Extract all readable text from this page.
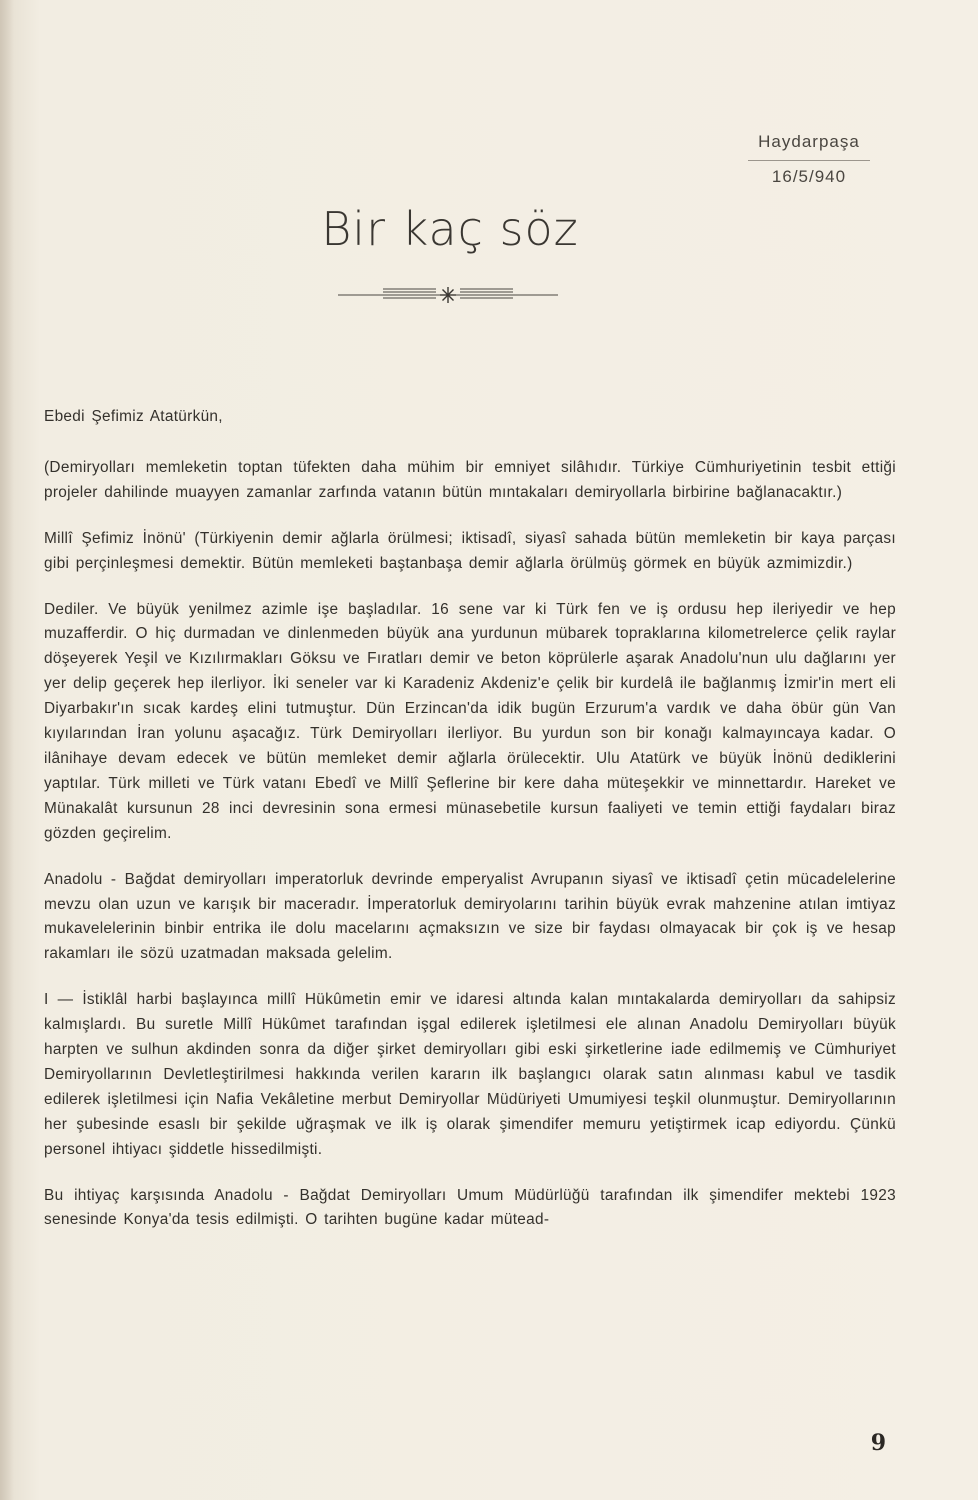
Haydarpaşa
16/5/940
Bir kaç söz

Ebedi Şefimiz Atatürkün,

(Demiryolları memleketin toptan tüfekten daha mühim bir emniyet silâhıdır. Türkiye Cümhuriyetinin tesbit ettiği projeler dahilinde muayyen zamanlar zarfında vatanın bütün mıntakaları demiryollarla birbirine bağlanacaktır.)

Millî Şefimiz İnönü' (Türkiyenin demir ağlarla örülmesi; iktisadî, siyasî sahada bütün memleketin bir kaya parçası gibi perçinleşmesi demektir. Bütün memleketi baştanbaşa demir ağlarla örülmüş görmek en büyük azmimizdir.)

Dediler. Ve büyük yenilmez azimle işe başladılar. 16 sene var ki Türk fen ve iş ordusu hep ileriyedir ve hep muzafferdir. O hiç durmadan ve dinlenmeden büyük ana yurdunun mübarek topraklarına kilometrelerce çelik raylar döşeyerek Yeşil ve Kızılırmakları Göksu ve Fıratları demir ve beton köprülerle aşarak Anadolu'nun ulu dağlarını yer yer delip geçerek hep ilerliyor. İki seneler var ki Karadeniz Akdeniz'e çelik bir kurdelâ ile bağlanmış İzmir'in mert eli Diyarbakır'ın sıcak kardeş elini tutmuştur. Dün Erzincan'da idik bugün Erzurum'a vardık ve daha öbür gün Van kıyılarından İran yolunu aşacağız. Türk Demiryolları ilerliyor. Bu yurdun son bir konağı kalmayıncaya kadar. O ilânihaye devam edecek ve bütün memleket demir ağlarla örülecektir. Ulu Atatürk ve büyük İnönü dediklerini yaptılar. Türk milleti ve Türk vatanı Ebedî ve Millî Şeflerine bir kere daha müteşekkir ve minnettardır. Hareket ve Münakalât kursunun 28 inci devresinin sona ermesi münasebetile kursun faaliyeti ve temin ettiği faydaları biraz gözden geçirelim.

Anadolu - Bağdat demiryolları imperatorluk devrinde emperyalist Avrupanın siyasî ve iktisadî çetin mücadelelerine mevzu olan uzun ve karışık bir maceradır. İmperatorluk demiryolarını tarihin büyük evrak mahzenine atılan imtiyaz mukavelelerinin binbir entrika ile dolu macelarını açmaksızın ve size bir faydası olmayacak bir çok iş ve hesap rakamları ile sözü uzatmadan maksada gelelim.

I — İstiklâl harbi başlayınca millî Hükûmetin emir ve idaresi altında kalan mıntakalarda demiryolları da sahipsiz kalmışlardı. Bu suretle Millî Hükûmet tarafından işgal edilerek işletilmesi ele alınan Anadolu Demiryolları büyük harpten ve sulhun akdinden sonra da diğer şirket demiryolları gibi eski şirketlerine iade edilmemiş ve Cümhuriyet Demiryollarının Devletleştirilmesi hakkında verilen kararın ilk başlangıcı olarak satın alınması kabul ve tasdik edilerek işletilmesi için Nafia Vekâletine merbut Demiryollar Müdüriyeti Umumiyesi teşkil olunmuştur. Demiryollarının her şubesinde esaslı bir şekilde uğraşmak ve ilk iş olarak şimendifer memuru yetiştirmek icap ediyordu. Çünkü personel ihtiyacı şiddetle hissedilmişti.

Bu ihtiyaç karşısında Anadolu - Bağdat Demiryolları Umum Müdürlüğü tarafından ilk şimendifer mektebi 1923 senesinde Konya'da tesis edilmişti. O tarihten bugüne kadar mütead-

9
